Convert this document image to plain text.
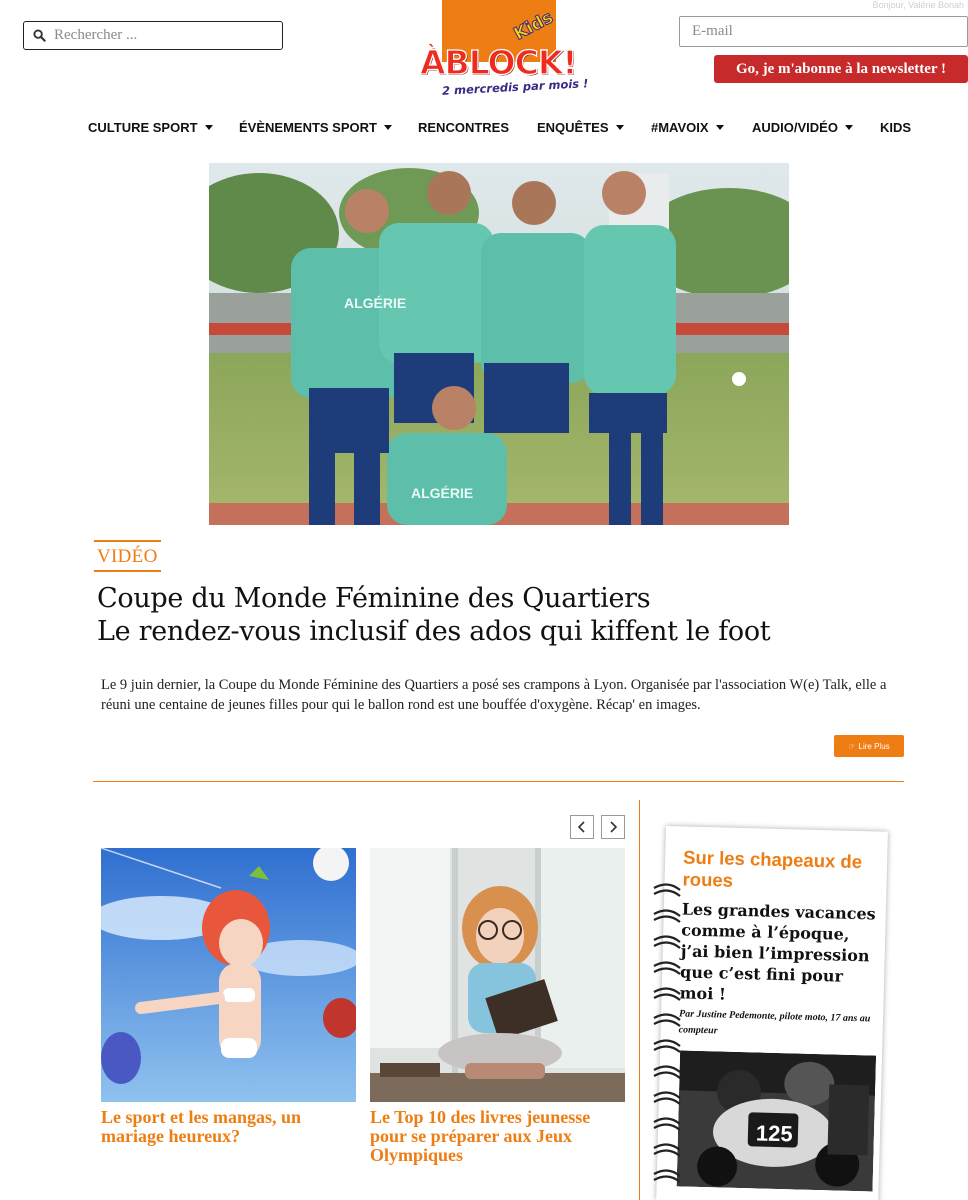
Bonjour, Valérie Bonah
Rechercher ...
Kids
ÀBLOCK!
2 mercredis par mois !
E-mail
Go, je m'abonne à la newsletter !
CULTURE SPORT	ÉVÈNEMENTS SPORT	RENCONTRES ENQUÊTES	#MAVOIX	AUDIO/VIDÉO	KIDS
ALGÉRIE
ALGÉRIE
VIDÉO
Coupe du Monde Féminine des Quartiers
Le rendez-vous inclusif des ados qui kiffent le foot

Le 9 juin dernier, la Coupe du Monde Féminine des Quartiers a posé ses crampons à Lyon. Organisée par l'association W(e) Talk, elle a réuni une centaine de jeunes filles pour qui le ballon rond est une bouffée d'oxygène. Récap' en images.

☞ Lire Plus
Le sport et les mangas, un mariage heureux?
Le Top 10 des livres jeunesse pour se préparer aux Jeux Olympiques
Sur les chapeaux de roues
Les grandes vacances comme à l’époque, j’ai bien l’impression que c’est fini pour moi !
Par Justine Pedemonte, pilote moto, 17 ans au compteur
125
